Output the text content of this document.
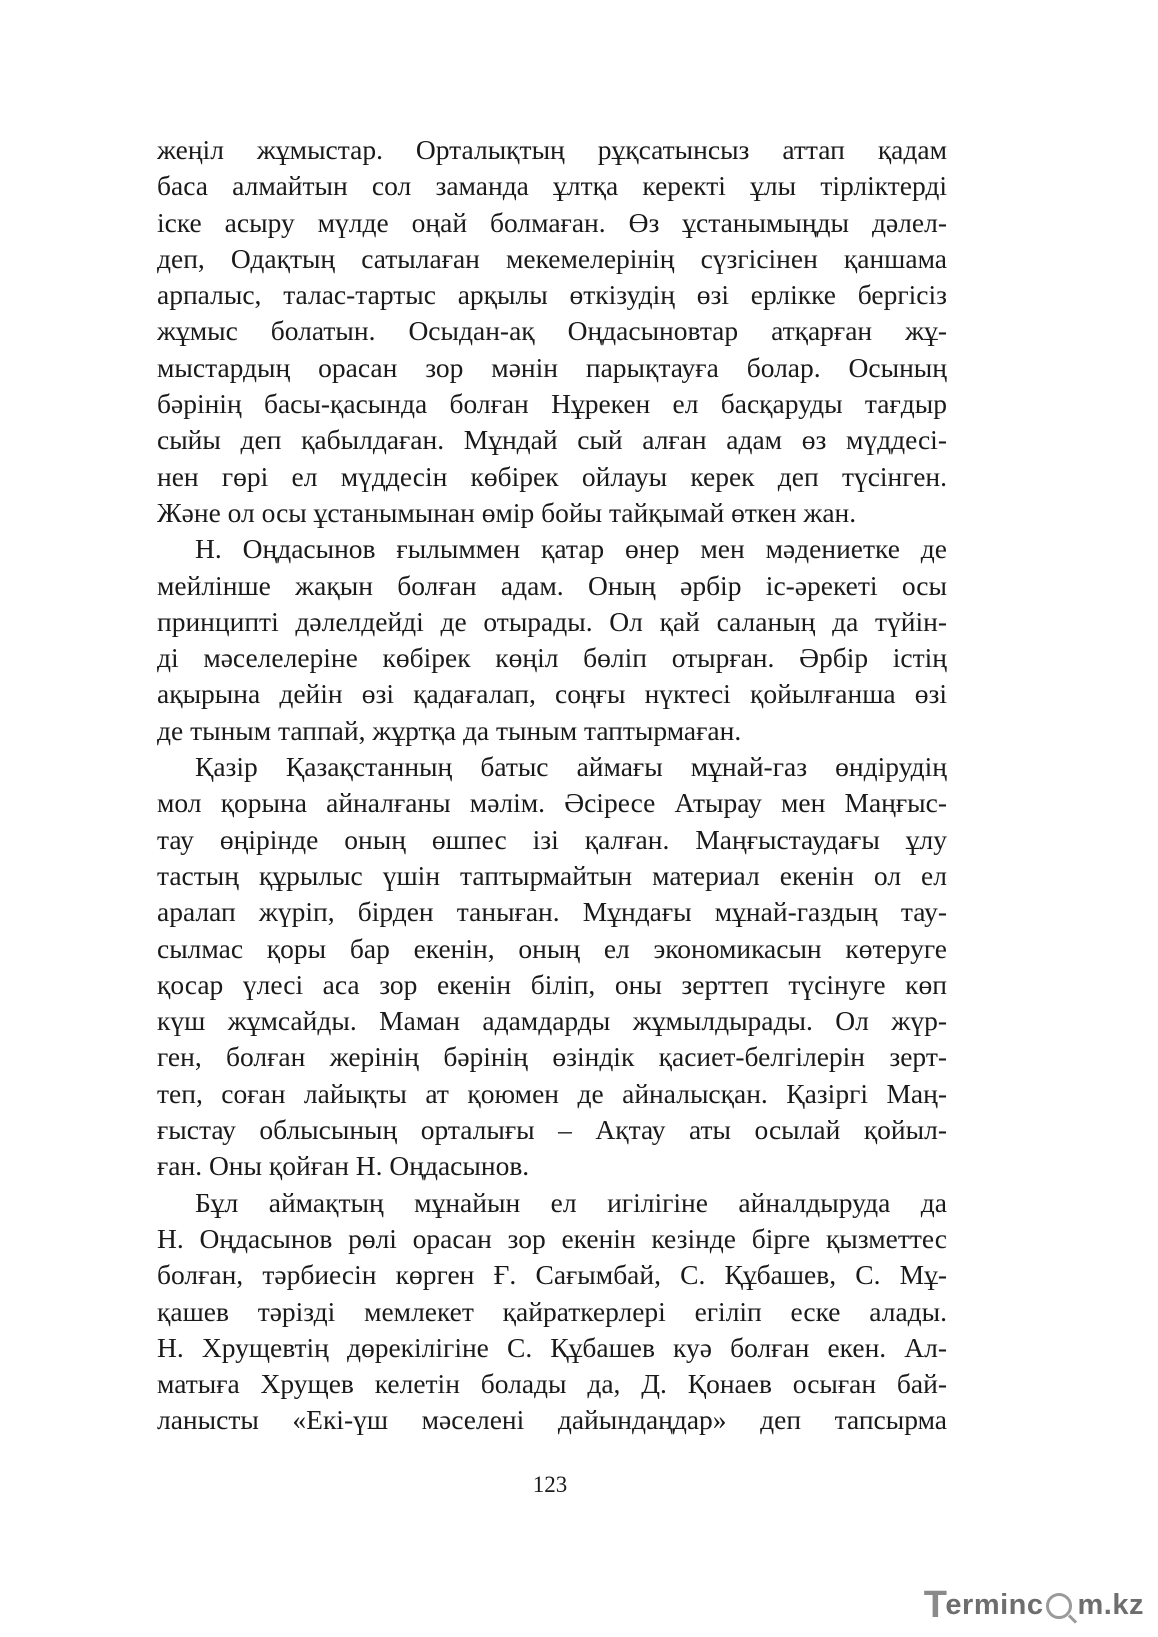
жеңіл жұмыстар. Орталықтың рұқсатынсыз аттап қадам
баса алмайтын сол заманда ұлтқа керекті ұлы тірліктерді
іске асыру мүлде оңай болмаған. Өз ұстанымыңды дәлел-
деп, Одақтың сатылаған мекемелерінің сүзгісінен қаншама
арпалыс, талас-тартыс арқылы өткізудің өзі ерлікке бергісіз
жұмыс болатын. Осыдан-ақ Оңдасыновтар атқарған жұ-
мыстардың орасан зор мәнін парықтауға болар. Осының
бәрінің басы-қасында болған Нұрекен ел басқаруды тағдыр
сыйы деп қабылдаған. Мұндай сый алған адам өз мүддесі-
нен гөрі ел мүддесін көбірек ойлауы керек деп түсінген.
Және ол осы ұстанымынан өмір бойы тайқымай өткен жан.

Н. Оңдасынов ғылыммен қатар өнер мен мәдениетке де
мейлінше жақын болған адам. Оның әрбір іс-әрекеті осы
принципті дәлелдейді де отырады. Ол қай саланың да түйін-
ді мәселелеріне көбірек көңіл бөліп отырған. Әрбір істің
ақырына дейін өзі қадағалап, соңғы нүктесі қойылғанша өзі
де тыным таппай, жұртқа да тыным таптырмаған.

Қазір Қазақстанның батыс аймағы мұнай-газ өндірудің
мол қорына айналғаны мәлім. Әсіресе Атырау мен Маңғыс-
тау өңірінде оның өшпес ізі қалған. Маңғыстаудағы ұлу
тастың құрылыс үшін таптырмайтын материал екенін ол ел
аралап жүріп, бірден таныған. Мұндағы мұнай-газдың тау-
сылмас қоры бар екенін, оның ел экономикасын көтеруге
қосар үлесі аса зор екенін біліп, оны зерттеп түсінуге көп
күш жұмсайды. Маман адамдарды жұмылдырады. Ол жүр-
ген, болған жерінің бәрінің өзіндік қасиет-белгілерін зерт-
теп, соған лайықты ат қоюмен де айналысқан. Қазіргі Маң-
ғыстау облысының орталығы – Ақтау аты осылай қойыл-
ған. Оны қойған Н. Оңдасынов.

Бұл аймақтың мұнайын ел игілігіне айналдыруда да
Н. Оңдасынов рөлі орасан зор екенін кезінде бірге қызметтес
болған, тәрбиесін көрген Ғ. Сағымбай, С. Құбашев, С. Мұ-
қашев тәрізді мемлекет қайраткерлері егіліп еске алады.
Н. Хрущевтің дөрекілігіне С. Құбашев куә болған екен. Ал-
матыға Хрущев келетін болады да, Д. Қонаев осыған бай-
ланысты «Екі-үш мәселені дайындаңдар» деп тапсырма

123
T
erminc m.kz
